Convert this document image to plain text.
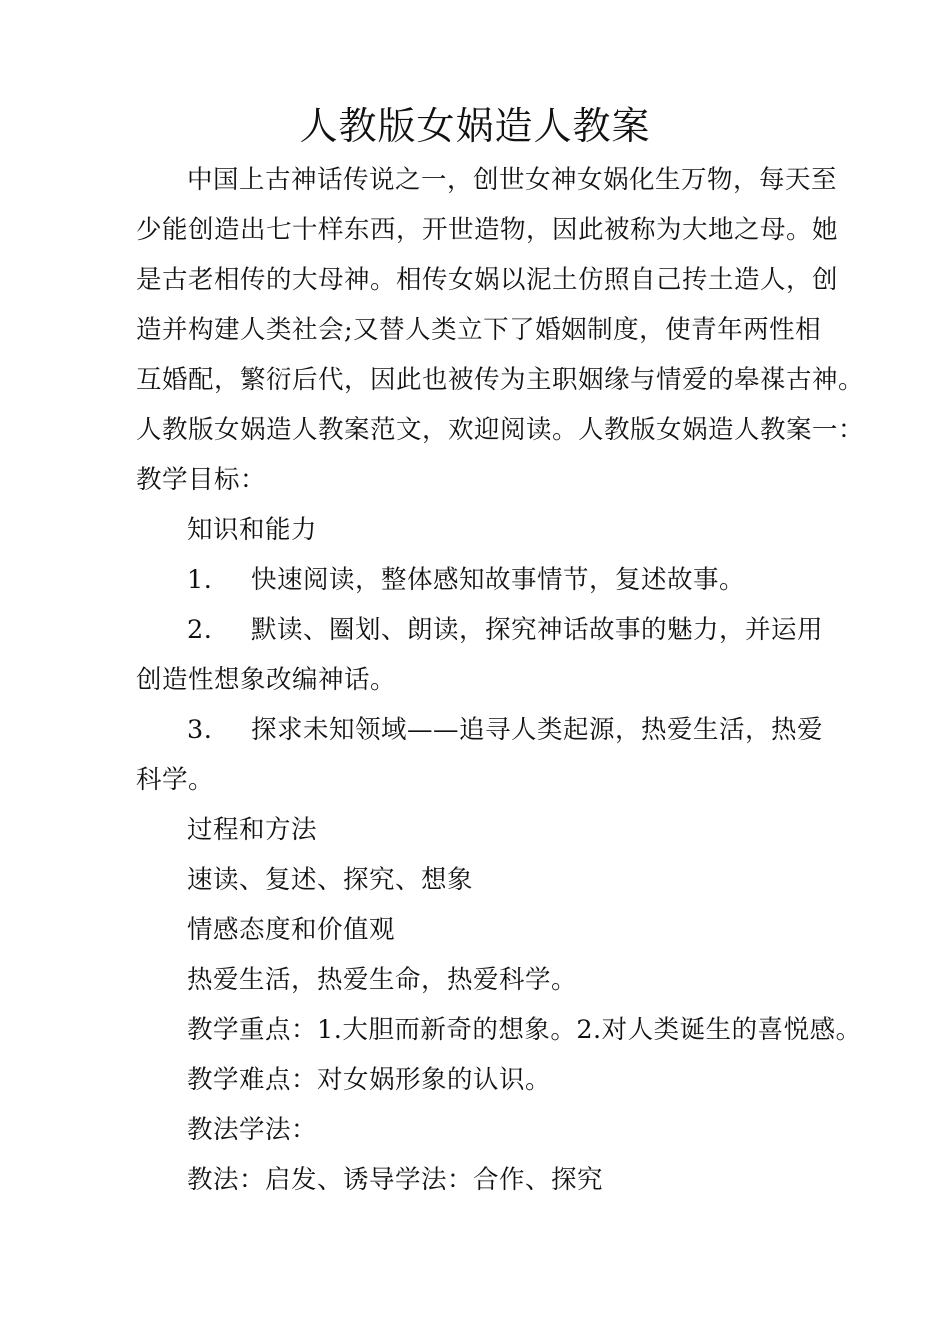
人教版女娲造人教案
中国上古神话传说之一，创世女神女娲化生万物，每天至
少能创造出七十样东西，开世造物，因此被称为大地之母。她
是古老相传的大母神。相传女娲以泥土仿照自己抟土造人，创
造并构建人类社会;又替人类立下了婚姻制度，使青年两性相
互婚配，繁衍后代，因此也被传为主职姻缘与情爱的皋禖古神。
人教版女娲造人教案范文，欢迎阅读。人教版女娲造人教案一：
教学目标：
知识和能力
1. 快速阅读，整体感知故事情节，复述故事。
2. 默读、圈划、朗读，探究神话故事的魅力，并运用
创造性想象改编神话。
3. 探求未知领域——追寻人类起源，热爱生活，热爱
科学。
过程和方法
速读、复述、探究、想象
情感态度和价值观
热爱生活，热爱生命，热爱科学。
教学重点：1.大胆而新奇的想象。2.对人类诞生的喜悦感。
教学难点：对女娲形象的认识。
教法学法：
教法：启发、诱导学法：合作、探究
